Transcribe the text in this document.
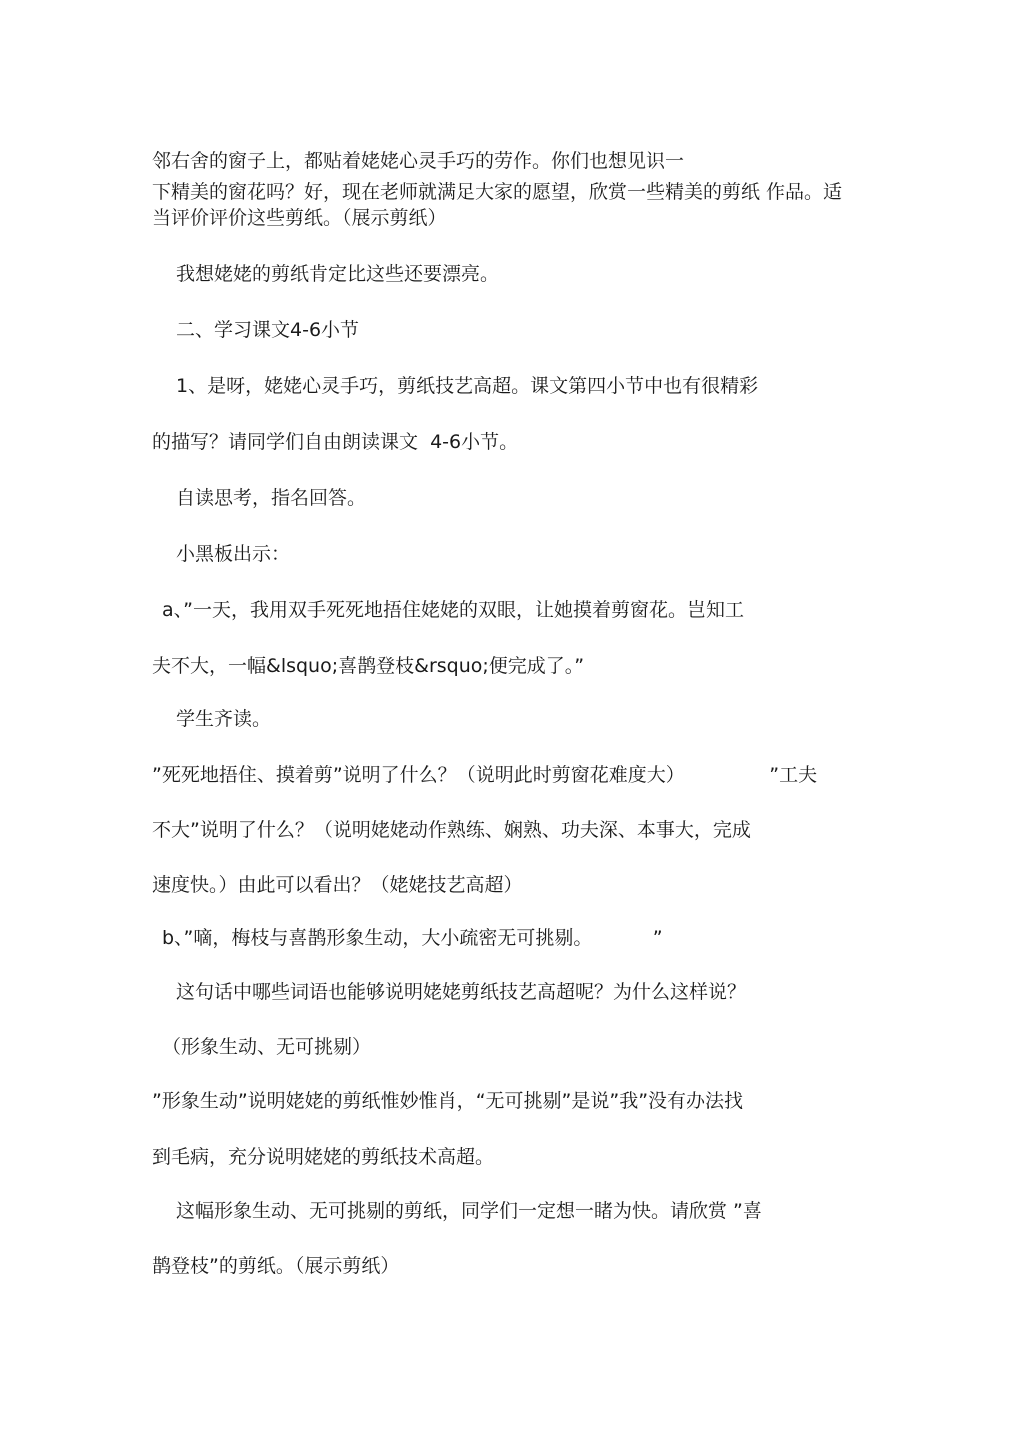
邻右舍的窗子上，都贴着姥姥心灵手巧的劳作。你们也想见识一

下精美的窗花吗？好，现在老师就满足大家的愿望，欣赏一些精美的剪纸 作品。适

当评价评价这些剪纸。（展示剪纸）

我想姥姥的剪纸肯定比这些还要漂亮。

二、学习课文4-6小节

1、是呀，姥姥心灵手巧，剪纸技艺高超。课文第四小节中也有很精彩

的描写？请同学们自由朗读课文  4-6小节。

自读思考，指名回答。

小黑板出示：

a、”一天，我用双手死死地捂住姥姥的双眼，让她摸着剪窗花。岂知工

夫不大，一幅&lsquo;喜鹊登枝&rsquo;便完成了。”

学生齐读。

”死死地捂住、摸着剪”说明了什么？（说明此时剪窗花难度大）              ”工夫

不大”说明了什么？（说明姥姥动作熟练、娴熟、功夫深、本事大，完成

速度快。）由此可以看出？（姥姥技艺高超）

b、”嘀，梅枝与喜鹊形象生动，大小疏密无可挑剔。          ”

这句话中哪些词语也能够说明姥姥剪纸技艺高超呢？为什么这样说？

（形象生动、无可挑剔）

”形象生动”说明姥姥的剪纸惟妙惟肖，“无可挑剔”是说”我”没有办法找

到毛病，充分说明姥姥的剪纸技术高超。

这幅形象生动、无可挑剔的剪纸，同学们一定想一睹为快。请欣赏 ”喜

鹊登枝”的剪纸。（展示剪纸）
